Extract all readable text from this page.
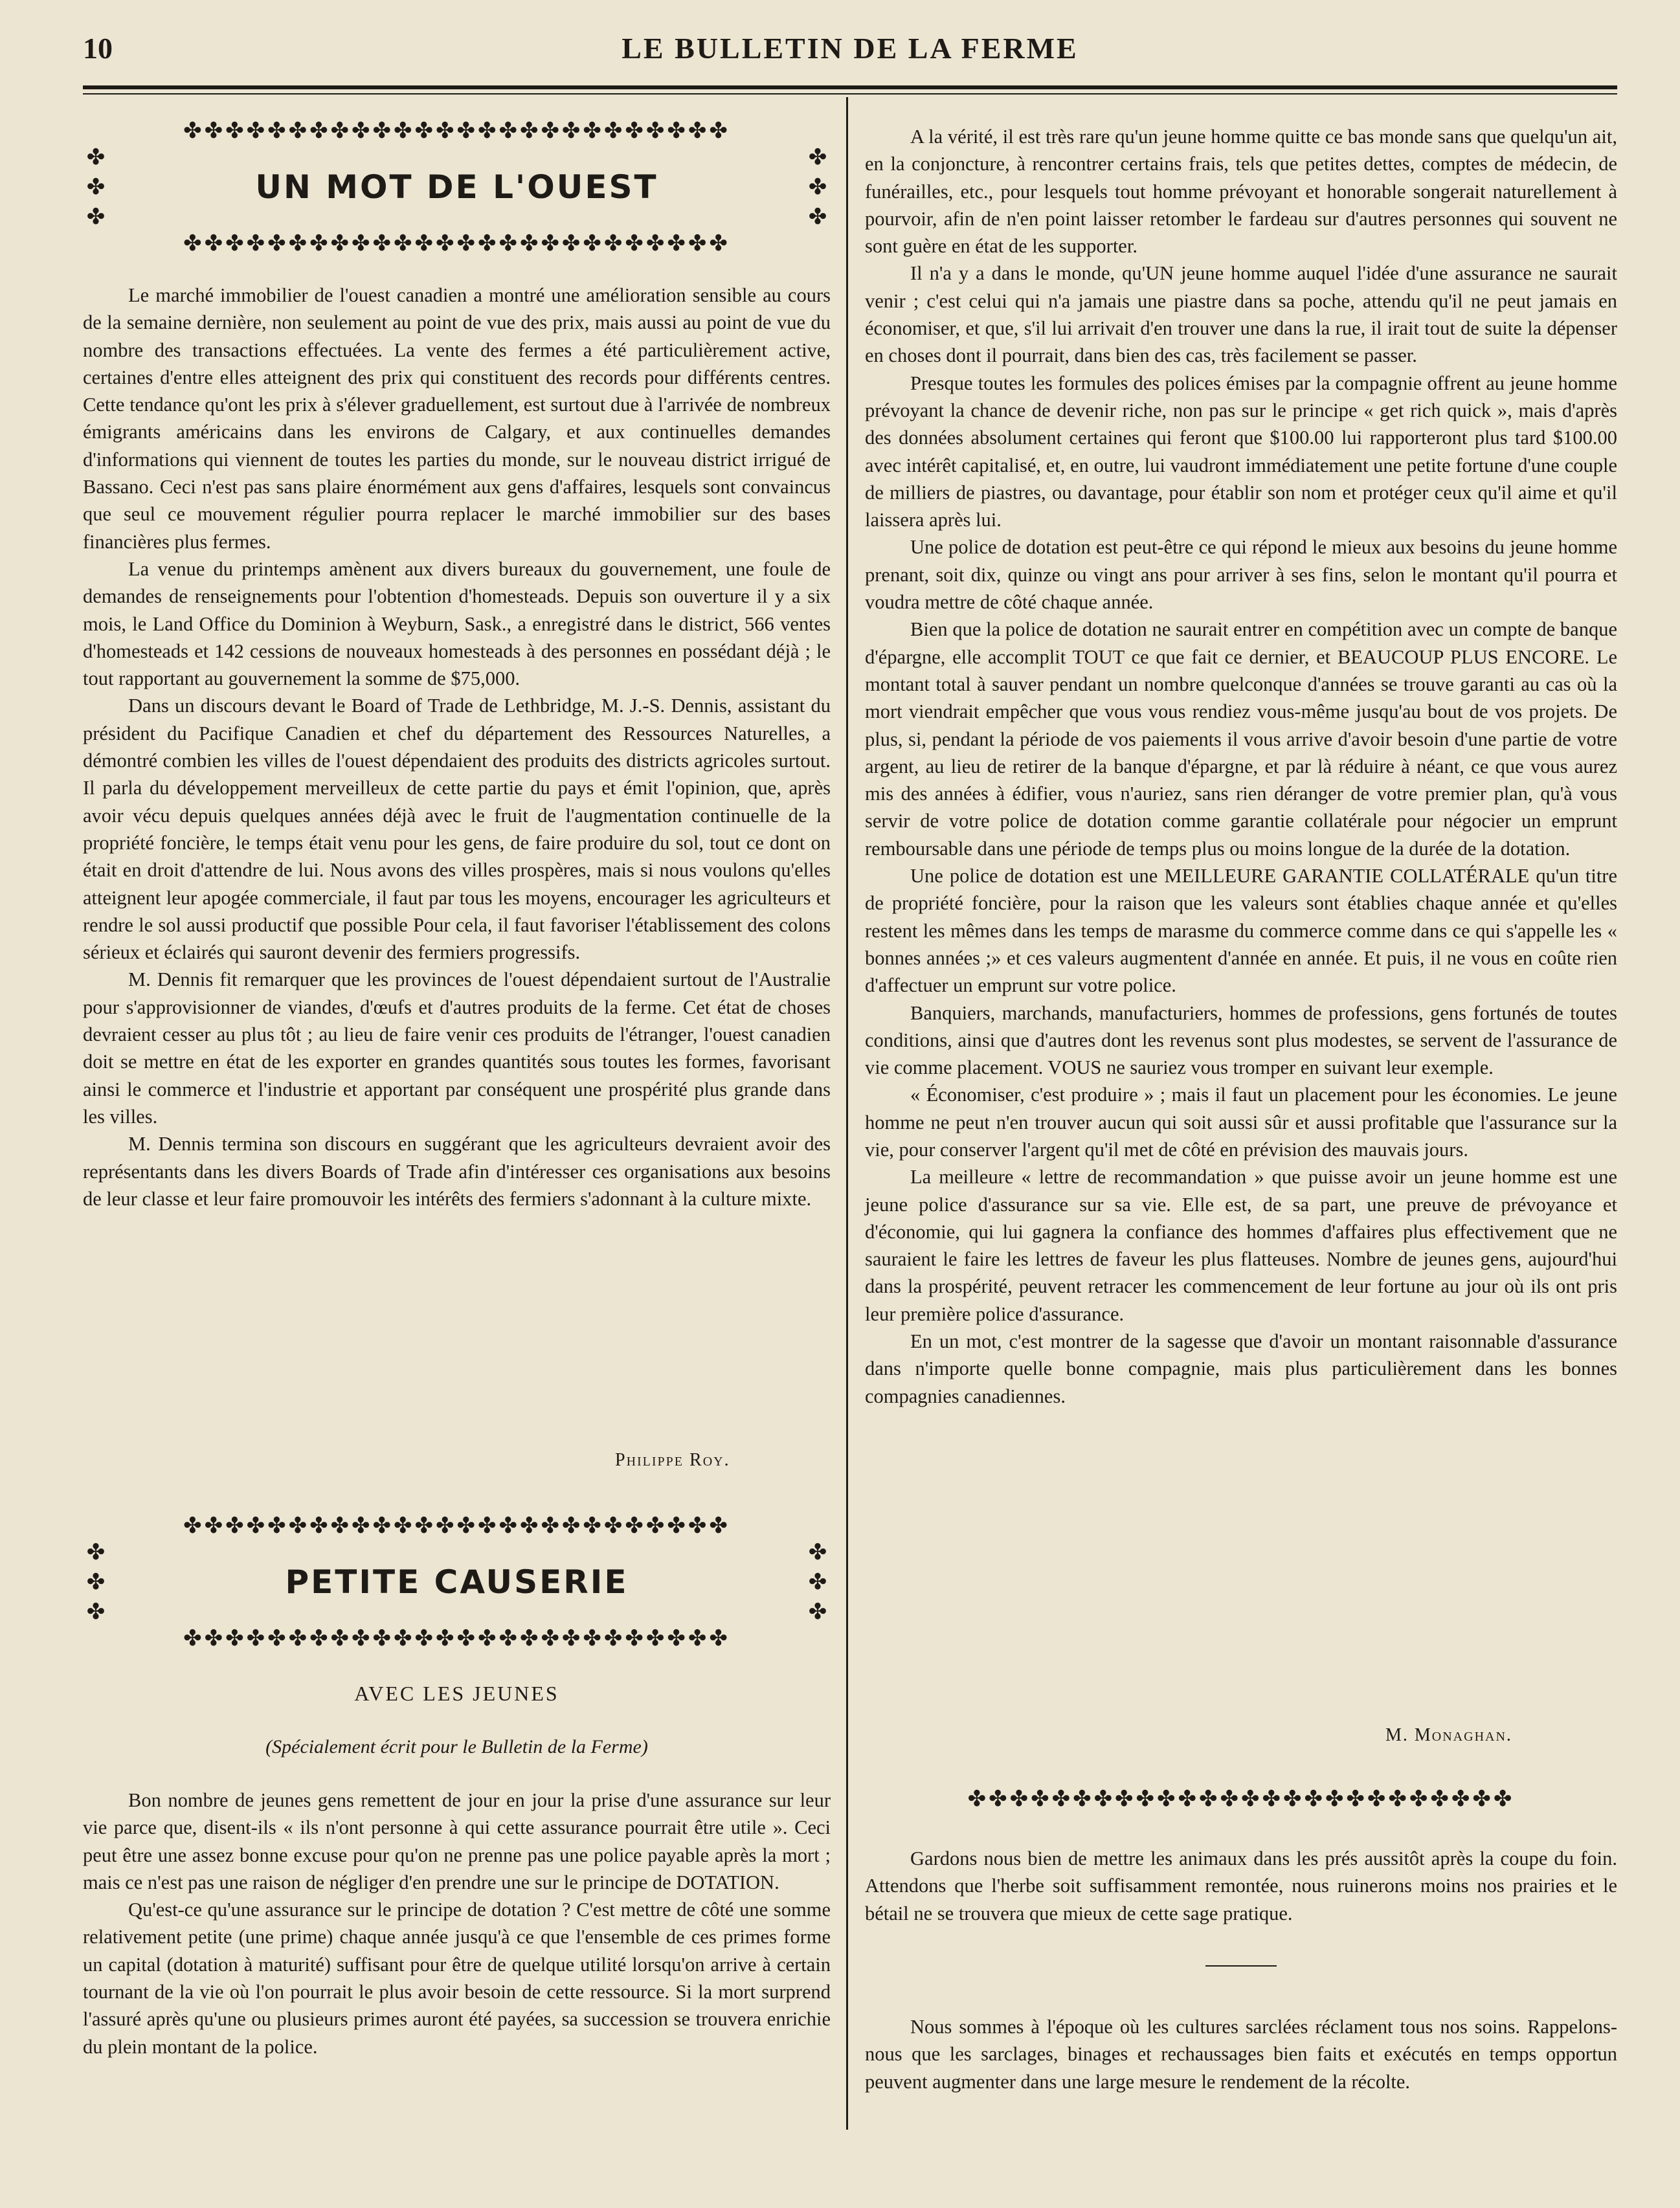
10	LE BULLETIN DE LA FERME
✤✤✤✤✤✤✤✤✤✤✤✤✤✤✤✤✤✤✤✤✤✤✤✤✤✤
✤
✤
✤
UN MOT DE L'OUEST
✤
✤
✤
✤✤✤✤✤✤✤✤✤✤✤✤✤✤✤✤✤✤✤✤✤✤✤✤✤✤

Le marché immobilier de l'ouest canadien a montré une amélioration sensible au cours de la semaine dernière, non seulement au point de vue des prix, mais aussi au point de vue du nombre des transactions effectuées. La vente des fermes a été particulièrement active, certaines d'entre elles atteignent des prix qui constituent des records pour différents centres. Cette tendance qu'ont les prix à s'élever graduellement, est surtout due à l'arrivée de nombreux émigrants américains dans les environs de Calgary, et aux continuelles demandes d'informations qui viennent de toutes les parties du monde, sur le nouveau district irrigué de Bassano. Ceci n'est pas sans plaire énormément aux gens d'affaires, lesquels sont convaincus que seul ce mouvement régulier pourra replacer le marché immobilier sur des bases financières plus fermes.

La venue du printemps amènent aux divers bureaux du gouvernement, une foule de demandes de renseignements pour l'obtention d'homesteads. Depuis son ouverture il y a six mois, le Land Office du Dominion à Weyburn, Sask., a enregistré dans le district, 566 ventes d'homesteads et 142 cessions de nouveaux homesteads à des personnes en possédant déjà ; le tout rapportant au gouvernement la somme de $75,000.

Dans un discours devant le Board of Trade de Lethbridge, M. J.-S. Dennis, assistant du président du Pacifique Canadien et chef du département des Ressources Naturelles, a démontré combien les villes de l'ouest dépendaient des produits des districts agricoles surtout. Il parla du développement merveilleux de cette partie du pays et émit l'opinion, que, après avoir vécu depuis quelques années déjà avec le fruit de l'augmentation continuelle de la propriété foncière, le temps était venu pour les gens, de faire produire du sol, tout ce dont on était en droit d'attendre de lui. Nous avons des villes prospères, mais si nous voulons qu'elles atteignent leur apogée commerciale, il faut par tous les moyens, encourager les agriculteurs et rendre le sol aussi productif que possible Pour cela, il faut favoriser l'établissement des colons sérieux et éclairés qui sauront devenir des fermiers progressifs.

M. Dennis fit remarquer que les provinces de l'ouest dépendaient surtout de l'Australie pour s'approvisionner de viandes, d'œufs et d'autres produits de la ferme. Cet état de choses devraient cesser au plus tôt ; au lieu de faire venir ces produits de l'étranger, l'ouest canadien doit se mettre en état de les exporter en grandes quantités sous toutes les formes, favorisant ainsi le commerce et l'industrie et apportant par conséquent une prospérité plus grande dans les villes.

M. Dennis termina son discours en suggérant que les agriculteurs devraient avoir des représentants dans les divers Boards of Trade afin d'intéresser ces organisations aux besoins de leur classe et leur faire promouvoir les intérêts des fermiers s'adonnant à la culture mixte.

Philippe Roy.
✤✤✤✤✤✤✤✤✤✤✤✤✤✤✤✤✤✤✤✤✤✤✤✤✤✤
✤
✤
✤
PETITE CAUSERIE
✤
✤
✤
✤✤✤✤✤✤✤✤✤✤✤✤✤✤✤✤✤✤✤✤✤✤✤✤✤✤
AVEC LES JEUNES
(Spécialement écrit pour le Bulletin de la Ferme)

Bon nombre de jeunes gens remettent de jour en jour la prise d'une assurance sur leur vie parce que, disent-ils « ils n'ont personne à qui cette assurance pourrait être utile ». Ceci peut être une assez bonne excuse pour qu'on ne prenne pas une police payable après la mort ; mais ce n'est pas une raison de négliger d'en prendre une sur le principe de DOTATION.

Qu'est-ce qu'une assurance sur le principe de dotation ? C'est mettre de côté une somme relativement petite (une prime) chaque année jusqu'à ce que l'ensemble de ces primes forme un capital (dotation à maturité) suffisant pour être de quelque utilité lorsqu'on arrive à certain tournant de la vie où l'on pourrait le plus avoir besoin de cette ressource. Si la mort surprend l'assuré après qu'une ou plusieurs primes auront été payées, sa succession se trouvera enrichie du plein montant de la police.

A la vérité, il est très rare qu'un jeune homme quitte ce bas monde sans que quelqu'un ait, en la conjoncture, à rencontrer certains frais, tels que petites dettes, comptes de médecin, de funérailles, etc., pour lesquels tout homme prévoyant et honorable songerait naturellement à pourvoir, afin de n'en point laisser retomber le fardeau sur d'autres personnes qui souvent ne sont guère en état de les supporter.

Il n'a y a dans le monde, qu'UN jeune homme auquel l'idée d'une assurance ne saurait venir ; c'est celui qui n'a jamais une piastre dans sa poche, attendu qu'il ne peut jamais en économiser, et que, s'il lui arrivait d'en trouver une dans la rue, il irait tout de suite la dépenser en choses dont il pourrait, dans bien des cas, très facilement se passer.

Presque toutes les formules des polices émises par la compagnie offrent au jeune homme prévoyant la chance de devenir riche, non pas sur le principe « get rich quick », mais d'après des données absolument certaines qui feront que $100.00 lui rapporteront plus tard $100.00 avec intérêt capitalisé, et, en outre, lui vaudront immédiatement une petite fortune d'une couple de milliers de piastres, ou davantage, pour établir son nom et protéger ceux qu'il aime et qu'il laissera après lui.

Une police de dotation est peut-être ce qui répond le mieux aux besoins du jeune homme prenant, soit dix, quinze ou vingt ans pour arriver à ses fins, selon le montant qu'il pourra et voudra mettre de côté chaque année.

Bien que la police de dotation ne saurait entrer en compétition avec un compte de banque d'épargne, elle accomplit TOUT ce que fait ce dernier, et BEAUCOUP PLUS ENCORE. Le montant total à sauver pendant un nombre quelconque d'années se trouve garanti au cas où la mort viendrait empêcher que vous vous rendiez vous-même jusqu'au bout de vos projets. De plus, si, pendant la période de vos paiements il vous arrive d'avoir besoin d'une partie de votre argent, au lieu de retirer de la banque d'épargne, et par là réduire à néant, ce que vous aurez mis des années à édifier, vous n'auriez, sans rien déranger de votre premier plan, qu'à vous servir de votre police de dotation comme garantie collatérale pour négocier un emprunt remboursable dans une période de temps plus ou moins longue de la durée de la dotation.

Une police de dotation est une MEILLEURE GARANTIE COLLATÉRALE qu'un titre de propriété foncière, pour la raison que les valeurs sont établies chaque année et qu'elles restent les mêmes dans les temps de marasme du commerce comme dans ce qui s'appelle les « bonnes années ;» et ces valeurs augmentent d'année en année. Et puis, il ne vous en coûte rien d'affectuer un emprunt sur votre police.

Banquiers, marchands, manufacturiers, hommes de professions, gens fortunés de toutes conditions, ainsi que d'autres dont les revenus sont plus modestes, se servent de l'assurance de vie comme placement. VOUS ne sauriez vous tromper en suivant leur exemple.

« Économiser, c'est produire » ; mais il faut un placement pour les économies. Le jeune homme ne peut n'en trouver aucun qui soit aussi sûr et aussi profitable que l'assurance sur la vie, pour conserver l'argent qu'il met de côté en prévision des mauvais jours.

La meilleure « lettre de recommandation » que puisse avoir un jeune homme est une jeune police d'assurance sur sa vie. Elle est, de sa part, une preuve de prévoyance et d'économie, qui lui gagnera la confiance des hommes d'affaires plus effectivement que ne sauraient le faire les lettres de faveur les plus flatteuses. Nombre de jeunes gens, aujourd'hui dans la prospérité, peuvent retracer les commencement de leur fortune au jour où ils ont pris leur première police d'assurance.

En un mot, c'est montrer de la sagesse que d'avoir un montant raisonnable d'assurance dans n'importe quelle bonne compagnie, mais plus particulièrement dans les bonnes compagnies canadiennes.

M. Monaghan.
✤✤✤✤✤✤✤✤✤✤✤✤✤✤✤✤✤✤✤✤✤✤✤✤✤✤

Gardons nous bien de mettre les animaux dans les prés aussitôt après la coupe du foin. Attendons que l'herbe soit suffisamment remontée, nous ruinerons moins nos prairies et le bétail ne se trouvera que mieux de cette sage pratique.

Nous sommes à l'époque où les cultures sarclées réclament tous nos soins. Rappelons-nous que les sarclages, binages et rechaussages bien faits et exécutés en temps opportun peuvent augmenter dans une large mesure le rendement de la récolte.
